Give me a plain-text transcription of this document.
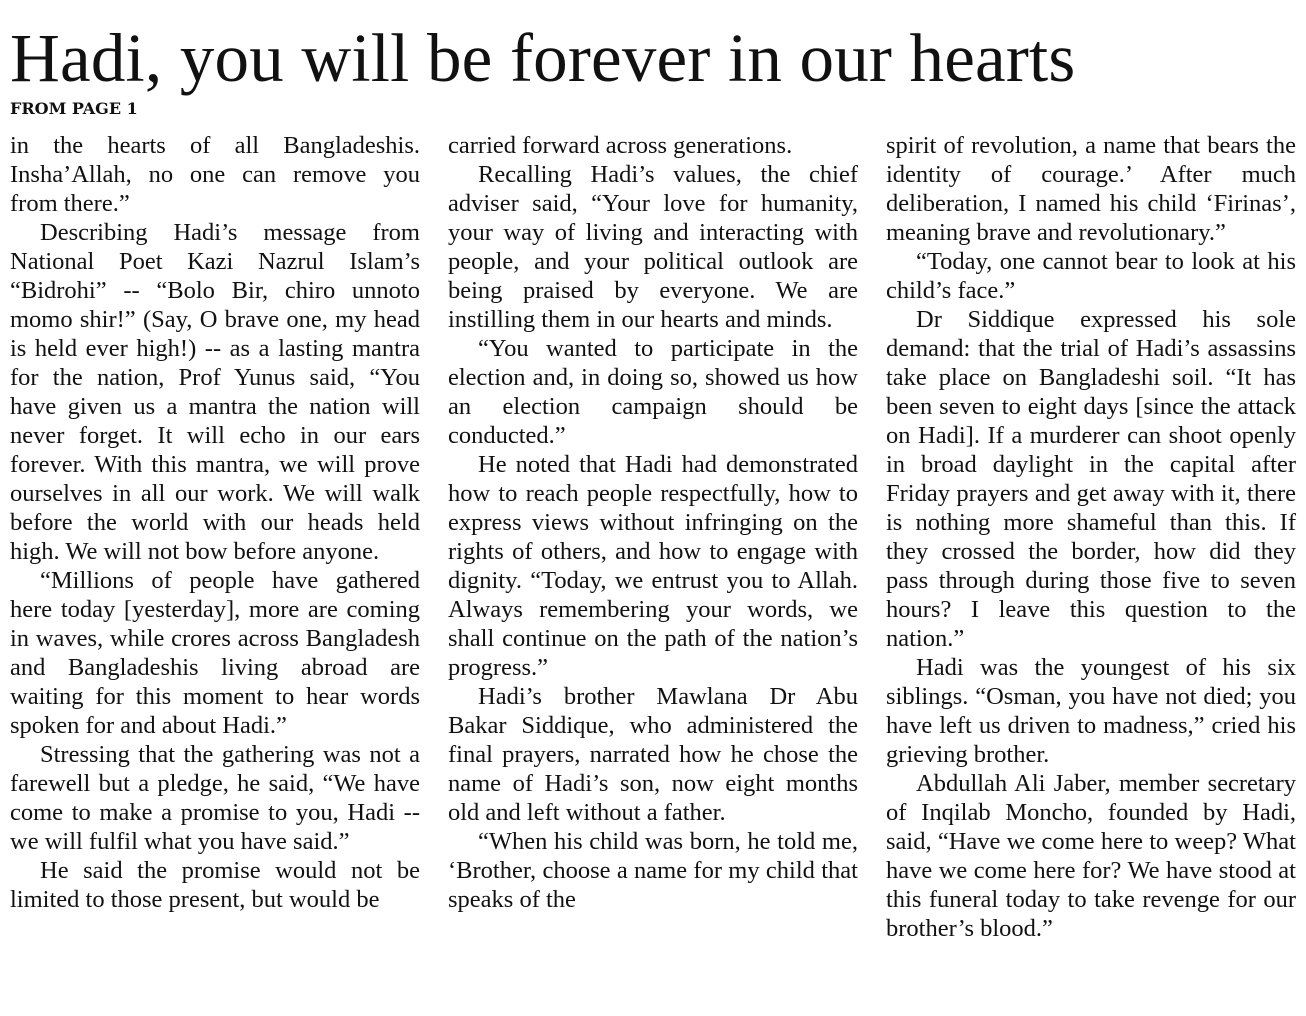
Hadi, you will be forever in our hearts
FROM PAGE 1

in the hearts of all Bangladeshis. Insha’Allah, no one can remove you from there.”

Describing Hadi’s message from National Poet Kazi Nazrul Islam’s “Bidrohi” -- “Bolo Bir, chiro unnoto momo shir!” (Say, O brave one, my head is held ever high!) -- as a lasting mantra for the nation, Prof Yunus said, “You have given us a mantra the nation will never forget. It will echo in our ears forever. With this mantra, we will prove ourselves in all our work. We will walk before the world with our heads held high. We will not bow before anyone.

“Millions of people have gathered here today [yesterday], more are coming in waves, while crores across Bangladesh and Bangladeshis living abroad are waiting for this moment to hear words spoken for and about Hadi.”

Stressing that the gathering was not a farewell but a pledge, he said, “We have come to make a promise to you, Hadi -- we will fulfil what you have said.”

He said the promise would not be limited to those present, but would be

carried forward across generations.

Recalling Hadi’s values, the chief adviser said, “Your love for humanity, your way of living and interacting with people, and your political outlook are being praised by everyone. We are instilling them in our hearts and minds.

“You wanted to participate in the election and, in doing so, showed us how an election campaign should be conducted.”

He noted that Hadi had demonstrated how to reach people respectfully, how to express views without infringing on the rights of others, and how to engage with dignity. “Today, we entrust you to Allah. Always remembering your words, we shall continue on the path of the nation’s progress.”

Hadi’s brother Mawlana Dr Abu Bakar Siddique, who administered the final prayers, narrated how he chose the name of Hadi’s son, now eight months old and left without a father.

“When his child was born, he told me, ‘Brother, choose a name for my child that speaks of the

spirit of revolution, a name that bears the identity of courage.’ After much deliberation, I named his child ‘Firinas’, meaning brave and revolutionary.”

“Today, one cannot bear to look at his child’s face.”

Dr Siddique expressed his sole demand: that the trial of Hadi’s assassins take place on Bangladeshi soil. “It has been seven to eight days [since the attack on Hadi]. If a murderer can shoot openly in broad daylight in the capital after Friday prayers and get away with it, there is nothing more shameful than this. If they crossed the border, how did they pass through during those five to seven hours? I leave this question to the nation.”

Hadi was the youngest of his six siblings. “Osman, you have not died; you have left us driven to madness,” cried his grieving brother.

Abdullah Ali Jaber, member secretary of Inqilab Moncho, founded by Hadi, said, “Have we come here to weep? What have we come here for? We have stood at this funeral today to take revenge for our brother’s blood.”
